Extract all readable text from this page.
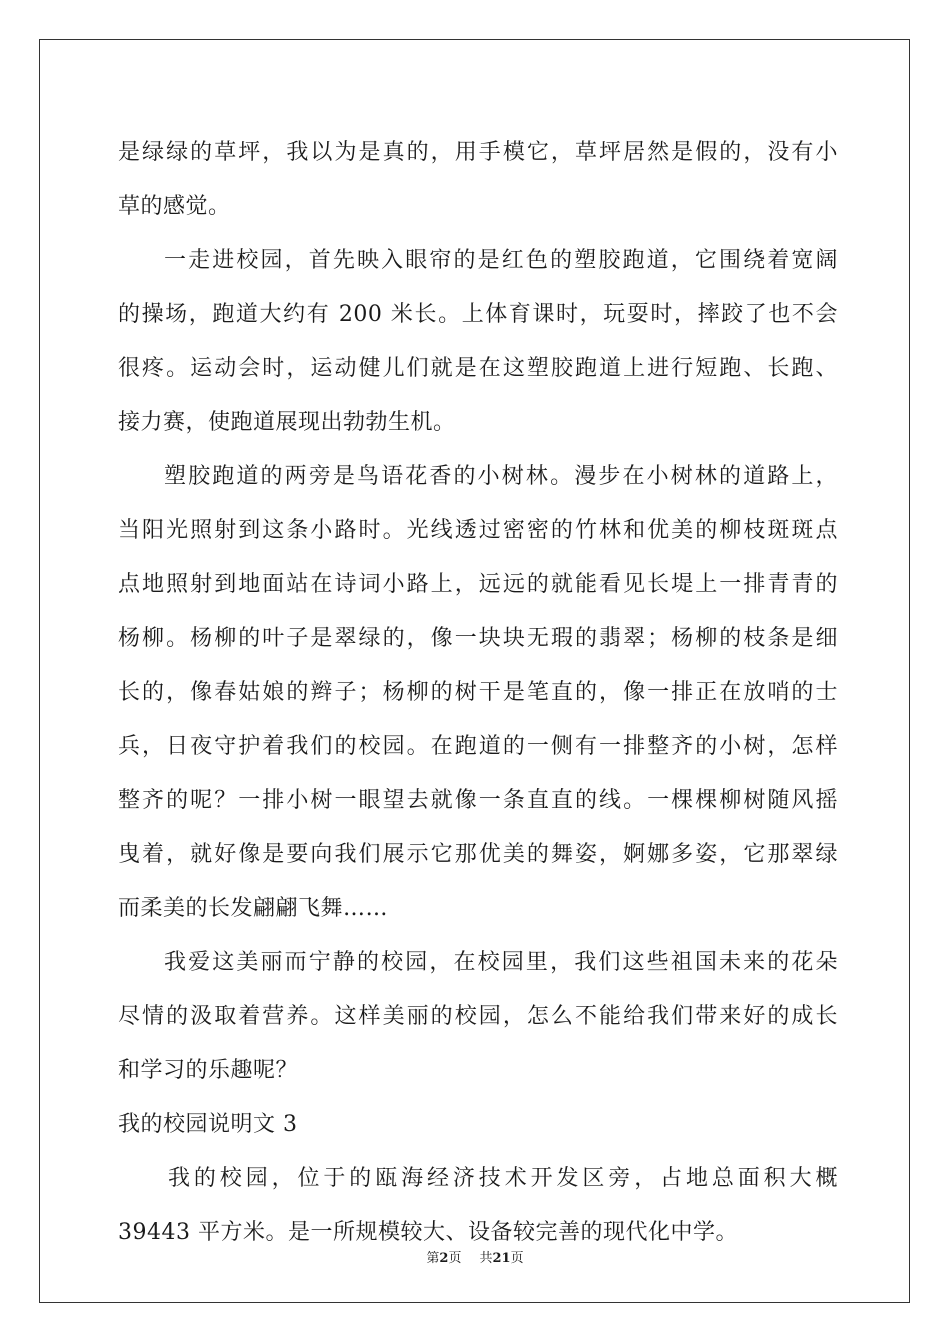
是绿绿的草坪，我以为是真的，用手模它，草坪居然是假的，没有小
草的感觉。
一走进校园，首先映入眼帘的是红色的塑胶跑道，它围绕着宽阔
的操场，跑道大约有 200 米长。上体育课时，玩耍时，摔跤了也不会
很疼。运动会时，运动健儿们就是在这塑胶跑道上进行短跑、长跑、
接力赛，使跑道展现出勃勃生机。
塑胶跑道的两旁是鸟语花香的小树林。漫步在小树林的道路上，
当阳光照射到这条小路时。光线透过密密的竹林和优美的柳枝斑斑点
点地照射到地面站在诗词小路上，远远的就能看见长堤上一排青青的
杨柳。杨柳的叶子是翠绿的，像一块块无瑕的翡翠；杨柳的枝条是细
长的，像春姑娘的辫子；杨柳的树干是笔直的，像一排正在放哨的士
兵，日夜守护着我们的校园。在跑道的一侧有一排整齐的小树，怎样
整齐的呢？一排小树一眼望去就像一条直直的线。一棵棵柳树随风摇
曳着，就好像是要向我们展示它那优美的舞姿，婀娜多姿，它那翠绿
而柔美的长发翩翩飞舞……
我爱这美丽而宁静的校园，在校园里，我们这些祖国未来的花朵
尽情的汲取着营养。这样美丽的校园，怎么不能给我们带来好的成长
和学习的乐趣呢？
我的校园说明文 3
我的校园，位于的瓯海经济技术开发区旁，占地总面积大概
39443 平方米。是一所规模较大、设备较完善的现代化中学。
第2页 共21页
